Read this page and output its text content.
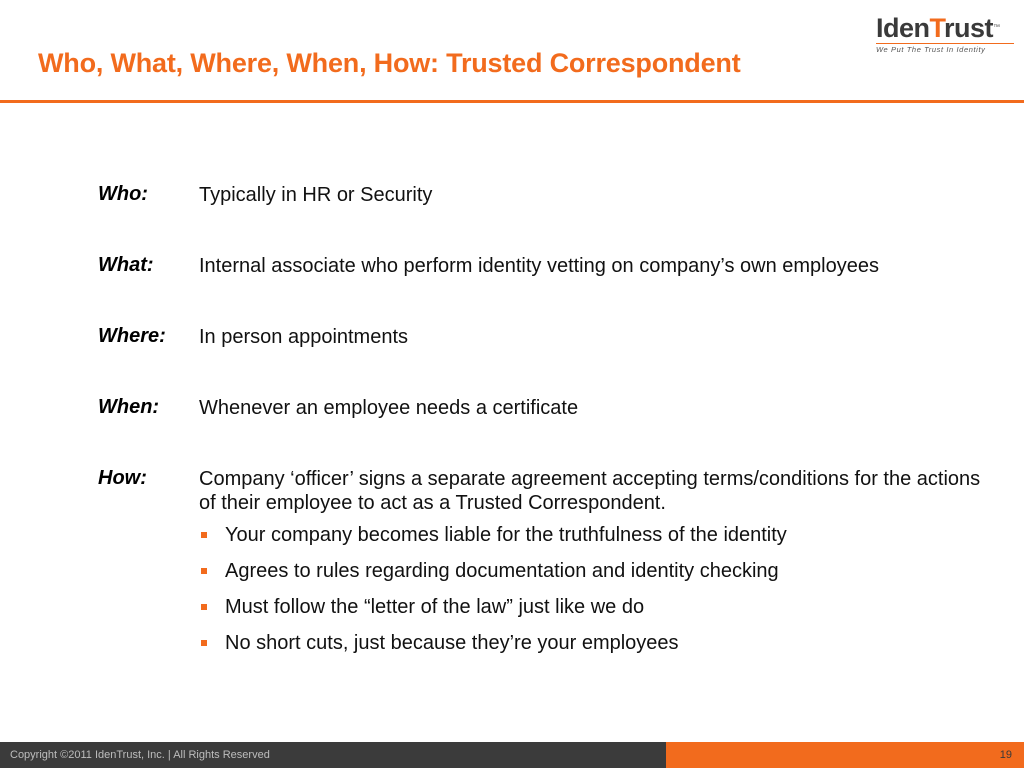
Who, What, Where, When, How: Trusted Correspondent
IdenTrust™
We Put The Trust In Identity
Who:	Typically in HR or Security
What: Internal associate who perform identity vetting on company’s own employees
Where: In person appointments
When: Whenever an employee needs a certificate
How:	Company ‘officer’ signs a separate agreement accepting terms/conditions for the actions of their employee to act as a Trusted Correspondent.
Your company becomes liable for the truthfulness of the identity
Agrees to rules regarding documentation and identity checking
Must follow the “letter of the law” just like we do
No short cuts, just because they’re your employees
Copyright ©2011 IdenTrust, Inc. | All Rights Reserved	19
